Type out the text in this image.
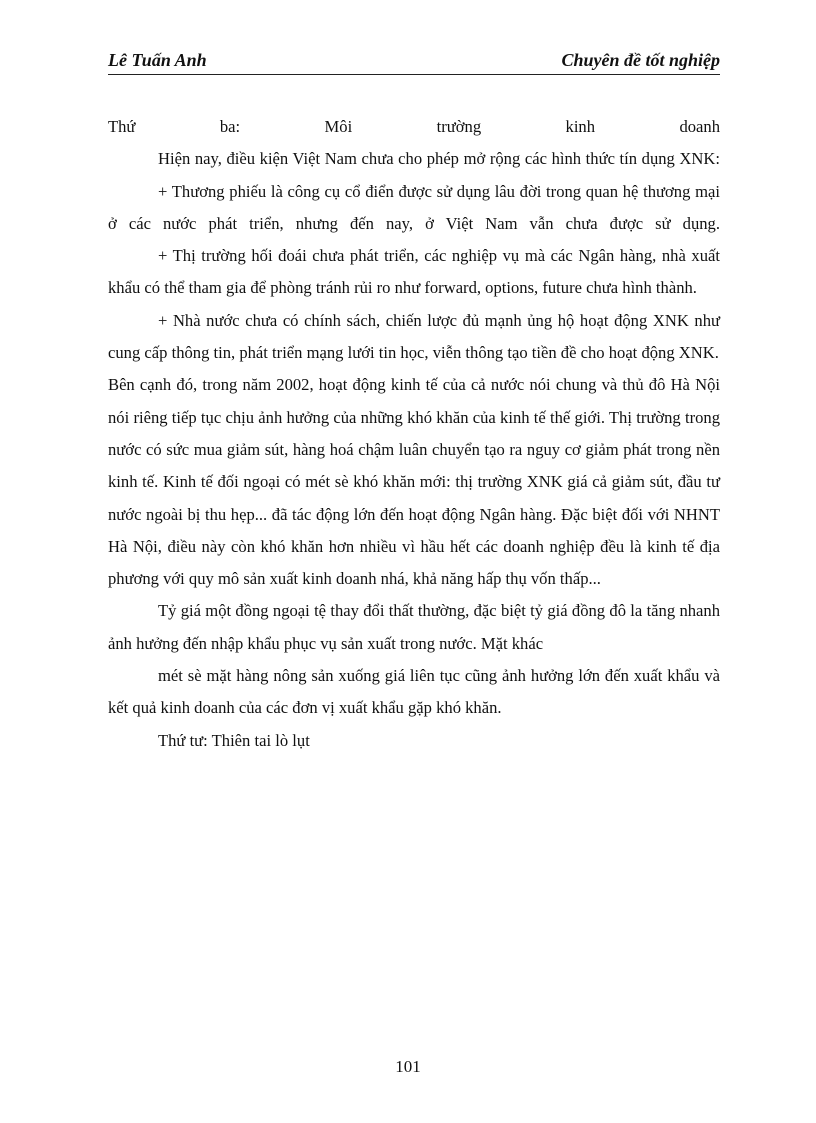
Lê Tuấn Anh	Chuyên đề tốt nghiệp

Thứ ba: Môi trường kinh doanh

Hiện nay, điều kiện Việt Nam chưa cho phép mở rộng các hình thức tín dụng XNK:

+ Thương phiếu là công cụ cổ điển được sử dụng lâu đời trong quan hệ thương mại ở các nước phát triển, nhưng đến nay, ở Việt Nam vẫn chưa được sử dụng.

+ Thị trường hối đoái chưa phát triển, các nghiệp vụ mà các Ngân hàng, nhà xuất khẩu có thể tham gia để phòng tránh rủi ro như forward, options, future chưa hình thành.

+ Nhà nước chưa có chính sách, chiến lược đủ mạnh ủng hộ hoạt động XNK như cung cấp thông tin, phát triển mạng lưới tin học, viễn thông tạo tiền đề cho hoạt động XNK.

Bên cạnh đó, trong năm 2002, hoạt động kinh tế của cả nước nói chung và thủ đô Hà Nội nói riêng tiếp tục chịu ảnh hưởng của những khó khăn của kinh tế thế giới. Thị trường trong nước có sức mua giảm sút, hàng hoá chậm luân chuyển tạo ra nguy cơ giảm phát trong nền kinh tế. Kinh tế đối ngoại có mét sè khó khăn mới: thị trường XNK giá cả giảm sút, đầu tư nước ngoài bị thu hẹp... đã tác động lớn đến hoạt động Ngân hàng. Đặc biệt đối với NHNT Hà Nội, điều này còn khó khăn hơn nhiều vì hầu hết các doanh nghiệp đều là kinh tế địa phương với quy mô sản xuất kinh doanh nhá, khả năng hấp thụ vốn thấp...

Tỷ giá một đồng ngoại tệ thay đổi thất thường, đặc biệt tỷ giá đồng đô la tăng nhanh ảnh hưởng đến nhập khẩu phục vụ sản xuất trong nước. Mặt khác

mét sè mặt hàng nông sản xuống giá liên tục cũng ảnh hưởng lớn đến xuất khẩu và kết quả kinh doanh của các đơn vị xuất khẩu gặp khó khăn.

Thứ tư: Thiên tai lò lụt

101
